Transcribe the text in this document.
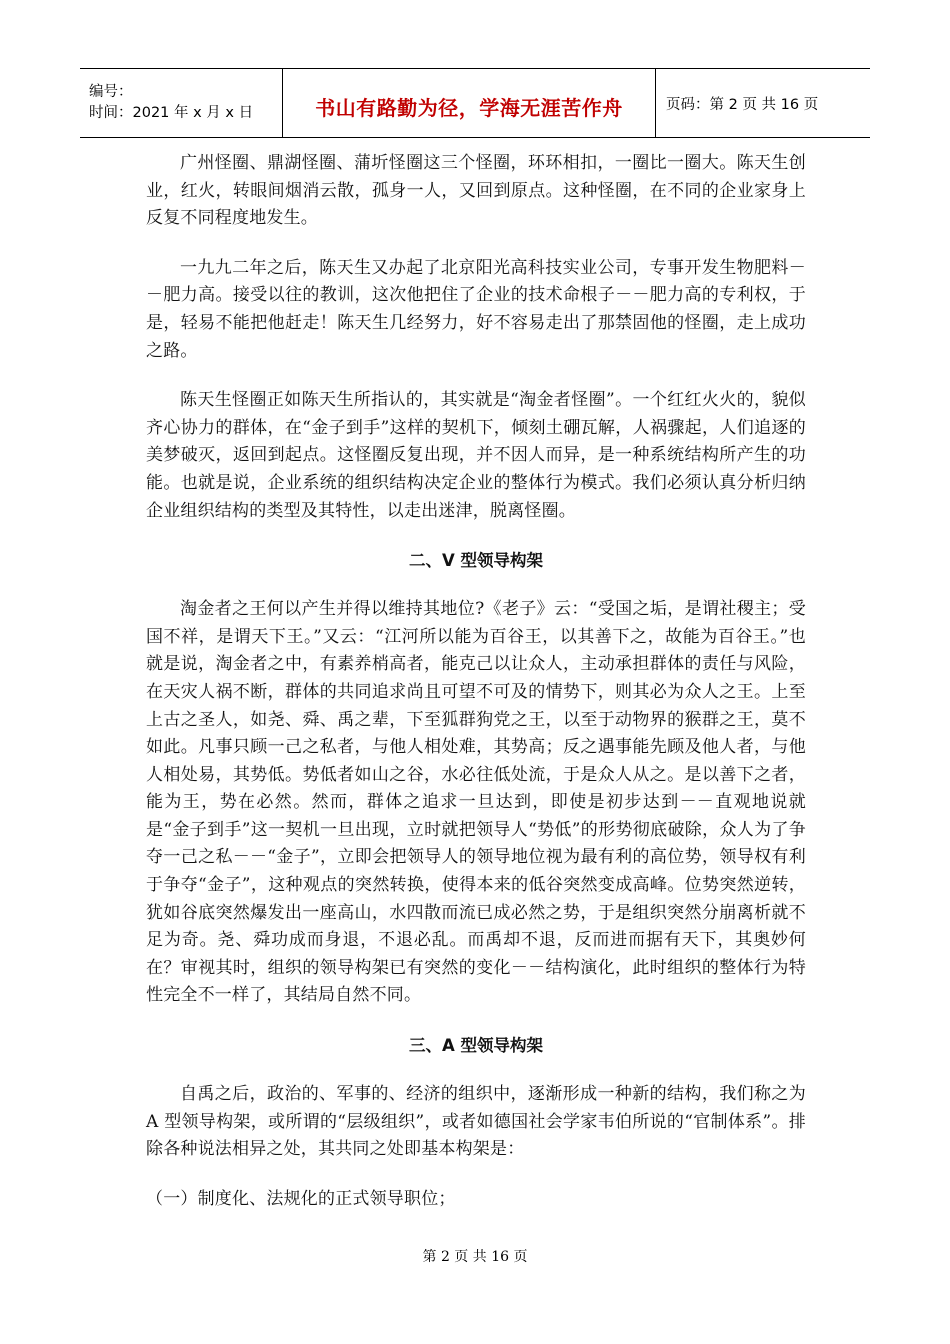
编号：
时间：2021 年 x 月 x 日	书山有路勤为径，学海无涯苦作舟	页码：第 2 页 共 16 页

广州怪圈、鼎湖怪圈、蒲圻怪圈这三个怪圈，环环相扣，一圈比一圈大。陈天生创业，红火，转眼间烟消云散，孤身一人，又回到原点。这种怪圈，在不同的企业家身上反复不同程度地发生。

一九九二年之后，陈天生又办起了北京阳光高科技实业公司，专事开发生物肥料－－肥力高。接受以往的教训，这次他把住了企业的技术命根子－－肥力高的专利权，于是，轻易不能把他赶走！陈天生几经努力，好不容易走出了那禁固他的怪圈，走上成功之路。

陈天生怪圈正如陈天生所指认的，其实就是“淘金者怪圈”。一个红红火火的，貌似齐心协力的群体，在“金子到手”这样的契机下，倾刻土硼瓦解，人祸骤起，人们追逐的美梦破灭，返回到起点。这怪圈反复出现，并不因人而异，是一种系统结构所产生的功能。也就是说，企业系统的组织结构决定企业的整体行为模式。我们必须认真分析归纳企业组织结构的类型及其特性，以走出迷津，脱离怪圈。

二、V 型领导构架

淘金者之王何以产生并得以维持其地位?《老子》云：“受国之垢，是谓社稷主；受国不祥，是谓天下王。”又云：“江河所以能为百谷王，以其善下之，故能为百谷王。”也就是说，淘金者之中，有素养梢高者，能克己以让众人，主动承担群体的责任与风险，在天灾人祸不断，群体的共同追求尚且可望不可及的情势下，则其必为众人之王。上至上古之圣人，如尧、舜、禹之辈，下至狐群狗党之王，以至于动物界的猴群之王，莫不如此。凡事只顾一己之私者，与他人相处难，其势高；反之遇事能先顾及他人者，与他人相处易，其势低。势低者如山之谷，水必往低处流，于是众人从之。是以善下之者，能为王，势在必然。然而，群体之追求一旦达到，即使是初步达到－－直观地说就是“金子到手”这一契机一旦出现，立时就把领导人“势低”的形势彻底破除，众人为了争夺一己之私－－“金子”，立即会把领导人的领导地位视为最有利的高位势，领导权有利于争夺“金子”，这种观点的突然转换，使得本来的低谷突然变成高峰。位势突然逆转，犹如谷底突然爆发出一座高山，水四散而流已成必然之势，于是组织突然分崩离析就不足为奇。尧、舜功成而身退，不退必乱。而禹却不退，反而进而据有天下，其奥妙何在？审视其时，组织的领导构架已有突然的变化－－结构演化，此时组织的整体行为特性完全不一样了，其结局自然不同。

三、A 型领导构架

自禹之后，政治的、军事的、经济的组织中，逐渐形成一种新的结构，我们称之为 A 型领导构架，或所谓的“层级组织”，或者如德国社会学家韦伯所说的“官制体系”。排除各种说法相异之处，其共同之处即基本构架是：

（一）制度化、法规化的正式领导职位；

第 2 页 共 16 页
